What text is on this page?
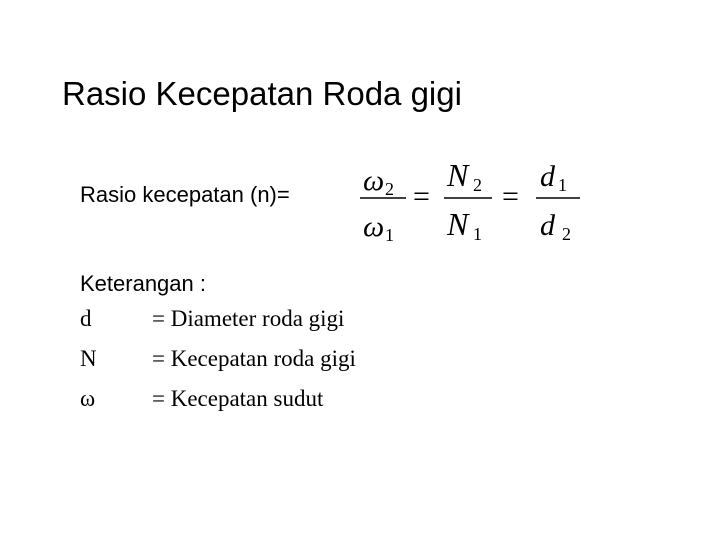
Rasio Kecepatan Roda gigi
Rasio kecepatan (n)= ω 2
ω 1
=
N 2
N 1
=
d 1
d 2
Keterangan :
d	= Diameter roda gigi
N = Kecepatan roda gigi
ω = Kecepatan sudut
